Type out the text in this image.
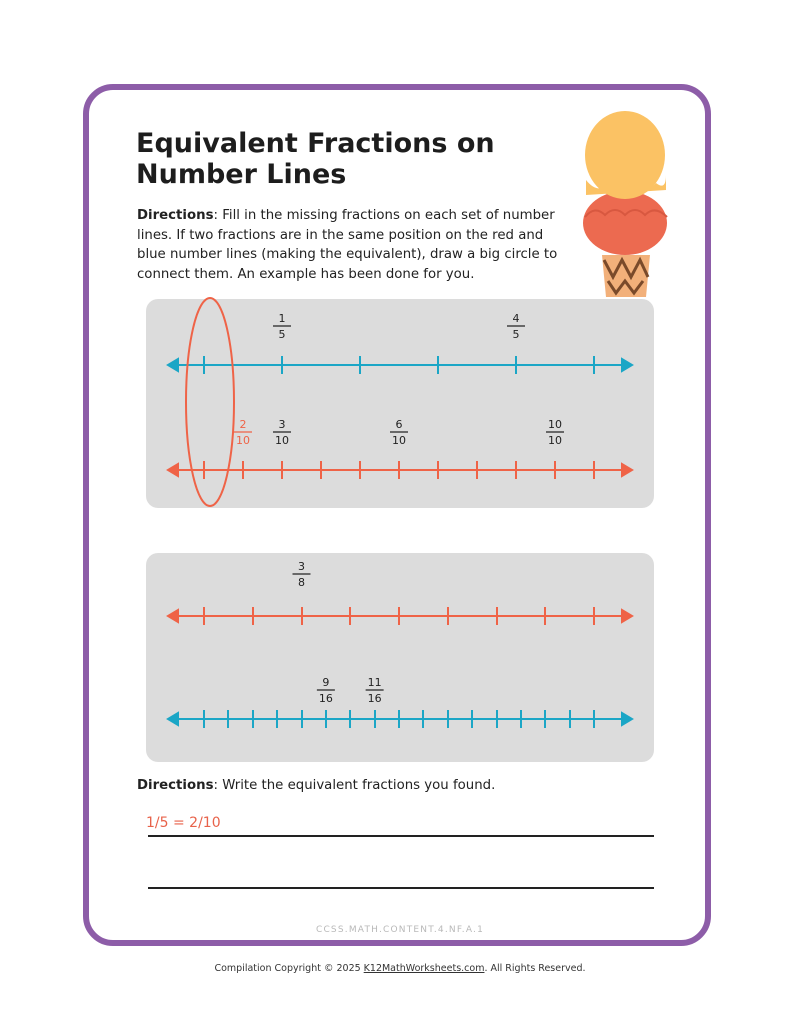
Equivalent Fractions on
Number Lines

Directions: Fill in the missing fractions on each set of number lines. If two fractions are in the same position on the red and blue number lines (making the equivalent), draw a big circle to connect them. An example has been done for you.

1
5
4
5
2
10
3
10
6
10
10
10
3
8
9
16
11
16

Directions: Write the equivalent fractions you found.

1/5 = 2/10
CCSS.MATH.CONTENT.4.NF.A.1
Compilation Copyright © 2025 K12MathWorksheets.com. All Rights Reserved.
